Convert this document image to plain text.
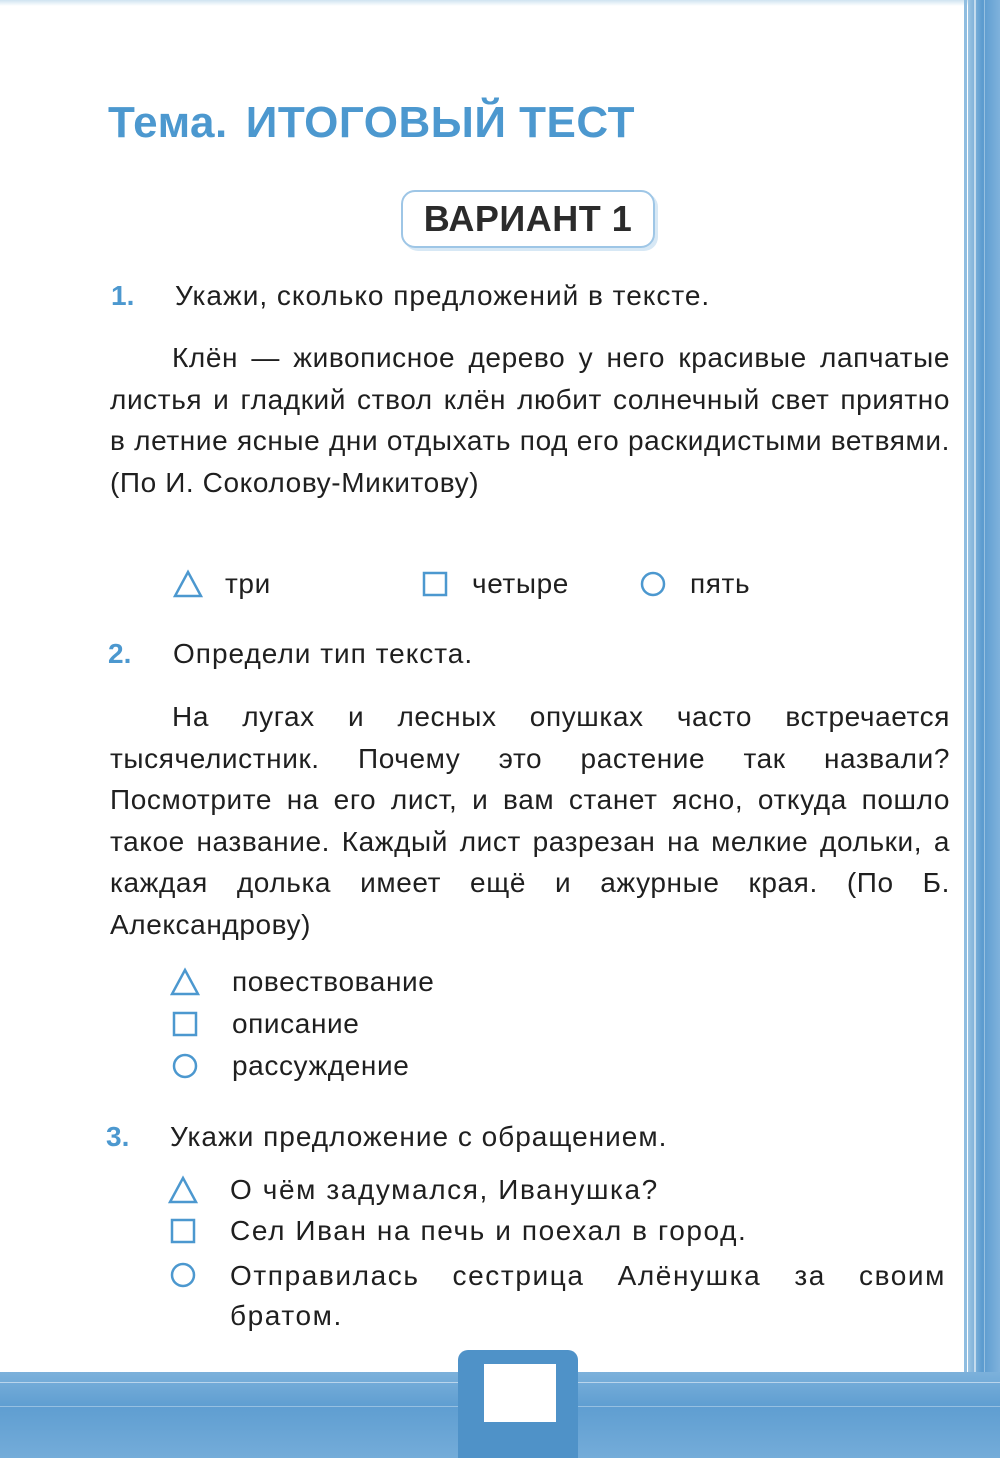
Тема. ИТОГОВЫЙ ТЕСТ
ВАРИАНТ 1
1. Укажи, сколько предложений в тексте.

Клён — живописное дерево у него красивые лапчатые листья и гладкий ствол клён любит солнечный свет приятно в летние ясные дни отдыхать под его раскидистыми ветвями. (По И. Соколову-Микитову)

три	четыре	пять
2. Определи тип текста.

На лугах и лесных опушках часто встречается тысячелистник. Почему это растение так назвали? Посмотрите на его лист, и вам станет ясно, откуда пошло такое название. Каждый лист разрезан на мелкие дольки, а каждая долька имеет ещё и ажурные края. (По Б. Александрову)

повествование
описание
рассуждение
3. Укажи предложение с обращением.

О чём задумался, Иванушка?
Сел Иван на печь и поехал в город.
Отправилась сестрица Алёнушка за своим братом.
